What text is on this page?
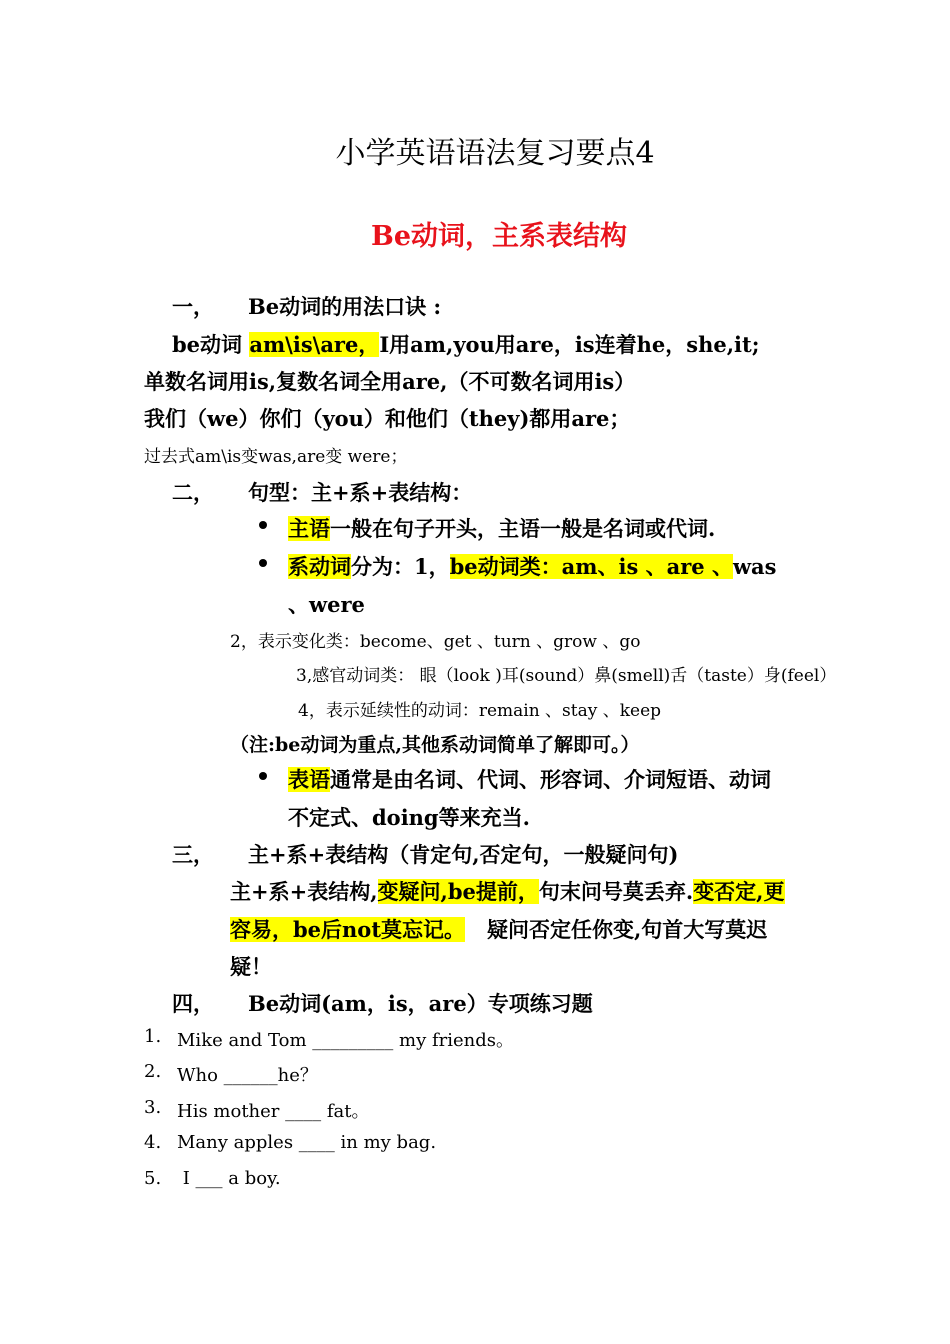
小学英语语法复习要点4
Be动词，主系表结构
一， Be动词的用法口诀 :
be动词 am\is\are，I用am,you用are，is连着he，she,it;
单数名词用is,复数名词全用are,（不可数名词用is）
我们（we）你们（you）和他们（they)都用are；
过去式am\is变was,are变 were；
二， 句型：主+系+表结构：
主语一般在句子开头，主语一般是名词或代词.
系动词分为：1，be动词类：am、is 、are 、was
、were
2，表示变化类：become、get 、turn 、grow 、go
3,感官动词类： 眼（look )耳(sound）鼻(smell)舌（taste）身(feel）
4，表示延续性的动词：remain 、stay 、keep
（注:be动词为重点,其他系动词简单了解即可。）
表语通常是由名词、代词、形容词、介词短语、动词
不定式、doing等来充当.
三， 主+系+表结构（肯定句,否定句，一般疑问句)
主+系+表结构,变疑问,be提前，句末问号莫丢弃.变否定,更
容易，be后not莫忘记。   疑问否定任你变,句首大写莫迟
疑！
四， Be动词(am，is，are）专项练习题
1. Mike and Tom _________ my friends。
2. Who ______he？
3. His mother ____ fat。
4. Many apples ____ in my bag.
5. I ___ a boy.
